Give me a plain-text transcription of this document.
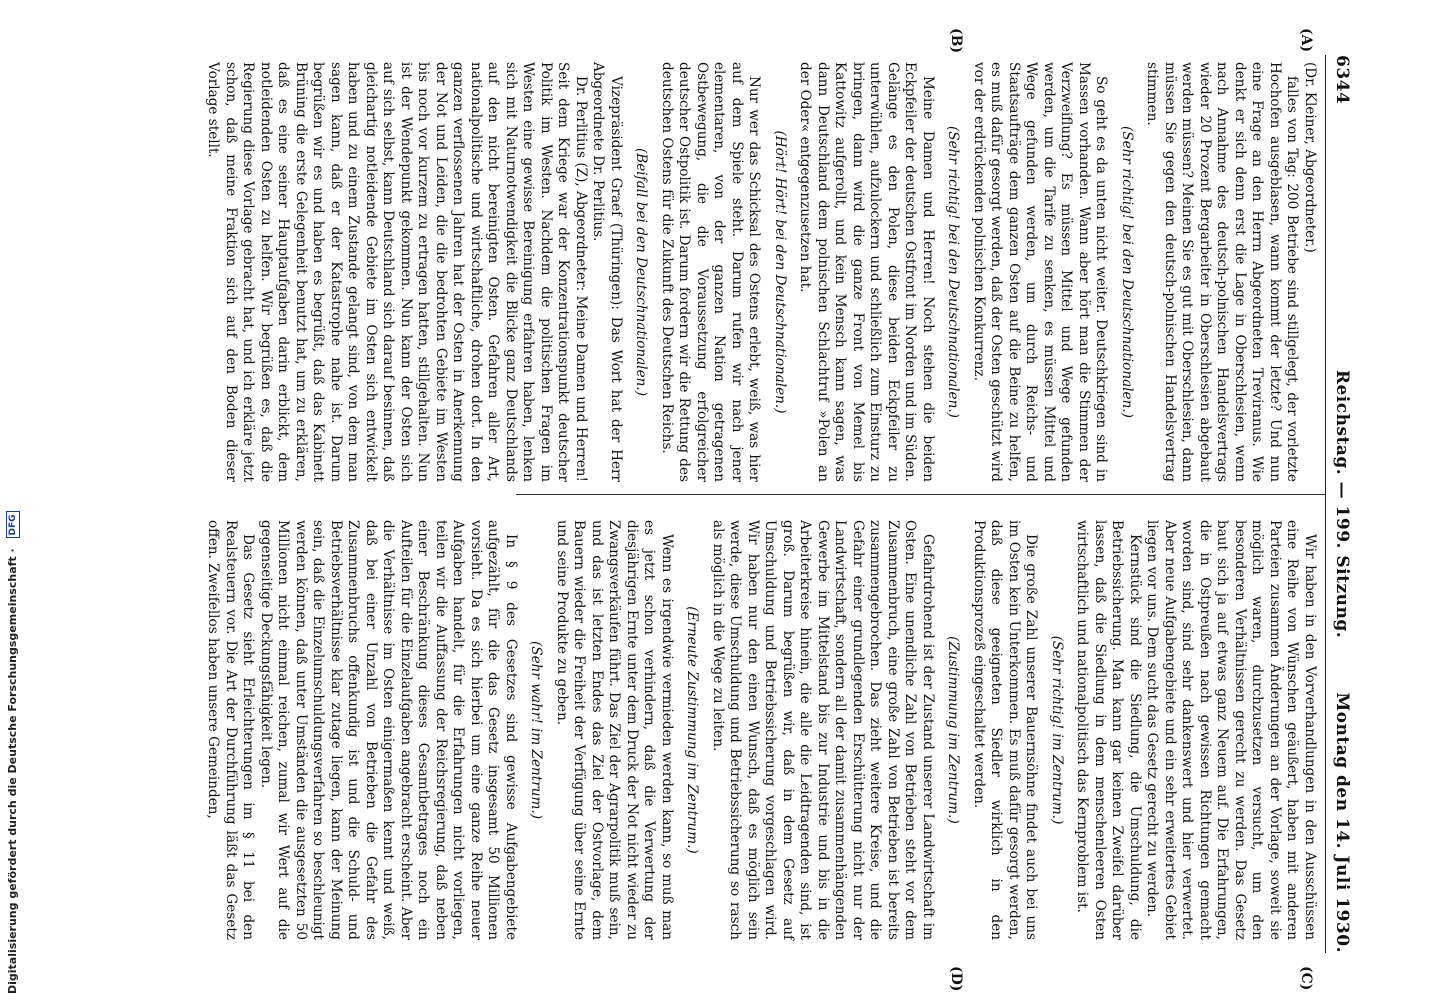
6344
Reichstag. — 199. Sitzung.
Montag den 14. Juli 1930.
(A)
(B)
(C)
(D)

(Dr. Kleiner, Abgeordneter.)

falles von Tag: 200 Betriebe sind stillgelegt, der vorletzte Hochofen ausgeblasen, wann kommt der letzte? Und nun eine Frage an den Herrn Abgeordneten Treviranus. Wie denkt er sich denn erst die Lage in Oberschlesien, wenn nach Annahme des deutsch-polnischen Handelsvertrags wieder 20 Prozent Bergarbeiter in Oberschlesien abgebaut werden müssen? Meinen Sie es gut mit Oberschlesien, dann müssen Sie gegen den deutsch-polnischen Handelsvertrag stimmen.

(Sehr richtig! bei den Deutschnationalen.)

So geht es da unten nicht weiter. Deutschkriegen sind in Massen vorhanden. Wann aber hört man die Stimmen der Verzweiflung? Es müssen Mittel und Wege gefunden werden, um die Tarife zu senken, es müssen Mittel und Wege gefunden werden, um durch Reichs- und Staatsaufträge dem ganzen Osten auf die Beine zu helfen, es muß dafür gesorgt werden, daß der Osten geschützt wird vor der erdrückenden polnischen Konkurrenz.

(Sehr richtig! bei den Deutschnationalen.)

Meine Damen und Herren! Noch stehen die beiden Eckpfeiler der deutschen Ostfront im Norden und im Süden. Gelänge es den Polen, diese beiden Eckpfeiler zu unterwühlen, aufzulockern und schließlich zum Einsturz zu bringen, dann wird die ganze Front von Memel bis Kattowitz aufgerollt, und kein Mensch kann sagen, was dann Deutschland dem polnischen Schlachtruf »Polen an der Oder« entgegenzusetzen hat.

(Hört! Hört! bei den Deutschnationalen.)

Nur wer das Schicksal des Ostens erlebt, weiß, was hier auf dem Spiele steht. Darum rufen wir nach jener elementaren, von der ganzen Nation getragenen Ostbewegung, die die Voraussetzung erfolgreicher deutscher Ostpolitik ist. Darum fordern wir die Rettung des deutschen Ostens für die Zukunft des Deutschen Reichs.

(Beifall bei den Deutschnationalen.)

Vizepräsident Graef (Thüringen): Das Wort hat der Herr Abgeordnete Dr. Perlitius.

Dr. Perlitius (Z), Abgeordneter: Meine Damen und Herren! Seit dem Kriege war der Konzentrationspunkt deutscher Politik im Westen. Nachdem die politischen Fragen im Westen eine gewisse Bereinigung erfahren haben, lenken sich mit Naturnotwendigkeit die Blicke ganz Deutschlands auf den nicht bereinigten Osten. Gefahren aller Art, nationalpolitische und wirtschaftliche, drohen dort. In den ganzen verflossenen Jahren hat der Osten in Anerkennung der Not und Leiden, die die bedrohten Gebiete im Westen bis noch vor kurzem zu ertragen hatten, stillgehalten. Nun ist der Wendepunkt gekommen. Nun kann der Osten sich auf sich selbst, kann Deutschland sich darauf besinnen, daß gleichartig notleidende Gebiete im Osten sich entwickelt haben und zu einem Zustande gelangt sind, von dem man sagen kann, daß er der Katastrophe nahe ist. Darum begrüßen wir es und haben es begrüßt, daß das Kabinett Brüning die erste Gelegenheit benutzt hat, um zu erklären, daß es eine seiner Hauptaufgaben darin erblickt, dem notleidenden Osten zu helfen. Wir begrüßen es, daß die Regierung diese Vorlage gebracht hat, und ich erkläre jetzt schon, daß meine Fraktion sich auf den Boden dieser Vorlage stellt.

Wir haben in den Vorverhandlungen in den Ausschüssen eine Reihe von Wünschen geäußert, haben mit anderen Parteien zusammen Änderungen an der Vorlage, soweit sie möglich waren, durchzusetzen versucht, um den besonderen Verhältnissen gerecht zu werden. Das Gesetz baut sich ja auf etwas ganz Neuem auf. Die Erfahrungen, die in Ostpreußen nach gewissen Richtungen gemacht worden sind, sind sehr dankenswert und hier verwertet. Aber neue Aufgabengebiete und ein sehr erweitertes Gebiet liegen vor uns. Dem sucht das Gesetz gerecht zu werden.

Kernstück sind die Siedlung, die Umschuldung, die Betriebssicherung. Man kann gar keinen Zweifel darüber lassen, daß die Siedlung in dem menschenleeren Osten wirtschaftlich und nationalpolitisch das Kernproblem ist.

(Sehr richtig! im Zentrum.)

Die große Zahl unserer Bauernsöhne findet auch bei uns im Osten kein Unterkommen. Es muß dafür gesorgt werden, daß diese geeigneten Siedler wirklich in den Produktionsprozeß eingeschaltet werden.

(Zustimmung im Zentrum.)

Gefahrdrohend ist der Zustand unserer Landwirtschaft im Osten. Eine unendliche Zahl von Betrieben steht vor dem Zusammenbruch, eine große Zahl von Betrieben ist bereits zusammengebrochen. Das zieht weitere Kreise, und die Gefahr einer grundlegenden Erschütterung nicht nur der Landwirtschaft, sondern all der damit zusammenhängenden Gewerbe im Mittelstand bis zur Industrie und bis in die Arbeiterkreise hinein, die alle die Leidtragenden sind, ist groß. Darum begrüßen wir, daß in dem Gesetz auf Umschuldung und Betriebssicherung vorgeschlagen wird. Wir haben nur den einen Wunsch, daß es möglich sein werde, diese Umschuldung und Betriebssicherung so rasch als möglich in die Wege zu leiten.

(Erneute Zustimmung im Zentrum.)

Wenn es irgendwie vermieden werden kann, so muß man es jetzt schon verhindern, daß die Verwertung der diesjährigen Ernte unter dem Druck der Not nicht wieder zu Zwangsverkäufen führt. Das Ziel der Agrarpolitik muß sein, und das ist letzten Endes das Ziel der Ostvorlage, dem Bauern wieder die Freiheit der Verfügung über seine Ernte und seine Produkte zu geben.

(Sehr wahr! im Zentrum.)

In § 9 des Gesetzes sind gewisse Aufgabengebiete aufgezählt, für die das Gesetz insgesamt 50 Millionen vorsieht. Da es sich hierbei um eine ganze Reihe neuer Aufgaben handelt, für die Erfahrungen nicht vorliegen, teilen wir die Auffassung der Reichsregierung, daß neben einer Beschränkung dieses Gesamtbetrages noch ein Aufteilen für die Einzelaufgaben angebracht erscheint. Aber die Verhältnisse im Osten einigermaßen kennt und weiß, daß bei einer Unzahl von Betrieben die Gefahr des Zusammenbruchs offenkundig ist und die Schuld- und Betriebsverhältnisse klar zutage liegen, kann der Meinung sein, daß die Einzelumschuldungsverfahren so beschleunigt werden können, daß unter Umständen die ausgesetzten 50 Millionen nicht einmal reichen, zumal wir Wert auf die gegenseitige Deckungsfähigkeit legen.

Das Gesetz sieht Erleichterungen im § 11 bei den Realsteuern vor. Die Art der Durchführung läßt das Gesetz offen. Zweifellos haben unsere Gemeinden,

Digitalisierung gefördert durch die Deutsche Forschungsgemeinschaft · DFG
